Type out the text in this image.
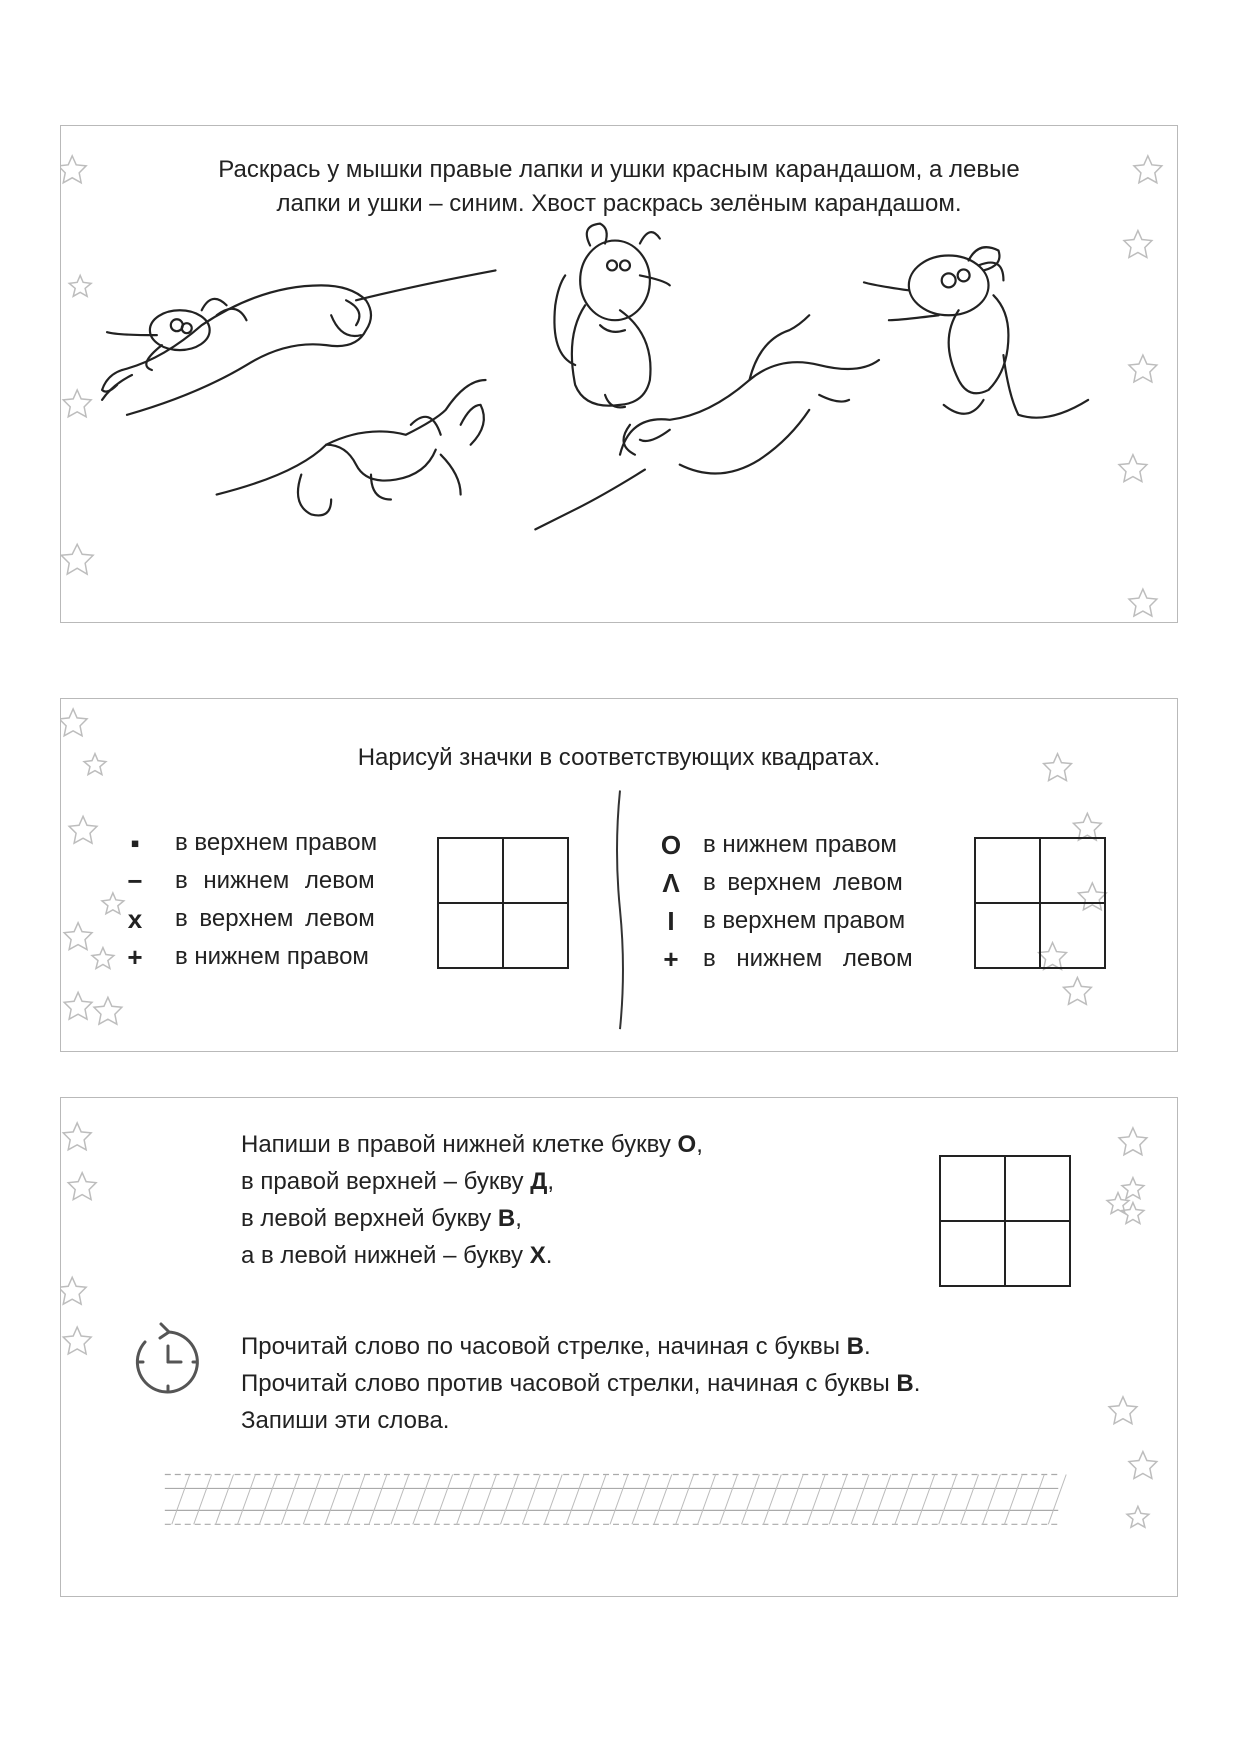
Раскрась у мышки правые лапки и ушки красным карандашом, а левые
лапки и ушки – синим. Хвост раскрась зелёным карандашом.
Нарисуй значки в соответствующих квадратах.
▪	в верхнем правом
− в нижнем левом
x в верхнем левом
+ в нижнем правом
O в нижнем правом
Λ в верхнем левом
I	в верхнем правом
+ в нижнем левом
Напиши в правой нижней клетке букву О,
в правой верхней – букву Д,
в левой верхней букву В,
а в левой нижней – букву Х.
Прочитай слово по часовой стрелке, начиная с буквы В.
Прочитай слово против часовой стрелки, начиная с буквы В.
Запиши эти слова.
